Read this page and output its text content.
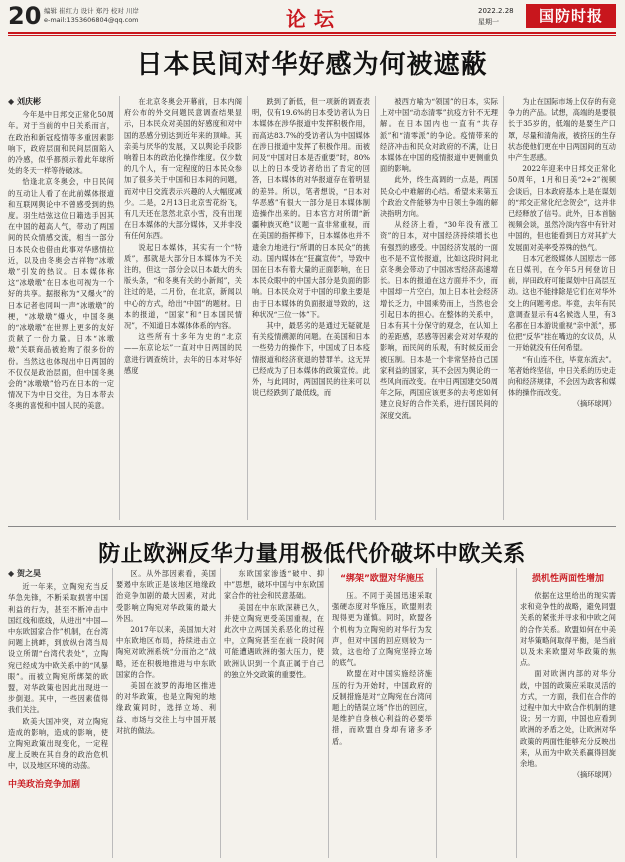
20 编辑 崔红力 设计 郑丹 校对 川岸
e-mail:1353606804@qq.com	论坛	2022.2.28
星期一	国防时报
日本民间对华好感为何被遮蔽

◆ 刘庆彬

今年是中日邦交正常化50周年。对于当前的中日关系而言，在政治和新冠疫情等多重因素影响下，政府层面和民间层面陷入的冷感，似乎都预示着此年球所处的冬天一样等待破冰。

恰逢北京冬奥会，中日民间的互动让人看了在此前媒体报道和互联网舆论中不曾感受到的热度。羽生结弦这位日籍选手因其在中国的超高人气，带动了两国间的民众情感交流，相当一部分日本民众也借由此事对华感情拉近，以及由冬奥会吉祥物“冰墩墩”引发的热议。日本媒体称这“冰墩墩”在日本也可视为一个好的共享。据报称为“又爆火”的日本记者也同叫一声“冰墩墩”的梗，“冰墩墩”爆火，中国冬奥的“冰墩墩”在世界上更多的友好贡献了一份力量。日本“冰墩墩”关联商品被抢购了很多份的份。当然这也体现出中日两国的不仅仅是政治层面，但中国冬奥会的“冰墩墩”恰巧在日本的一定情况下为中日交往，为日本带去冬奥的喜悦和中国人民的美意。

在北京冬奥会开幕前，日本内阁府公布的外交问题民意调查结果显示，日本民众对美国的好感度和对中国的恶感分别达到近年来的顶峰。其亲美与厌华的发展，又以舆论手段影响着日本的政治化操作维度。仅少数的几个人，有一定程度的日本民众参加了很多关于中国和日本间的问题，而对中日交流表示兴趣的人大幅度减少。二是，2月13日北京雪花纷飞，有几天还在忽然北京小雪，没有出现在日本媒体的大部分媒体，又并非没有任何东西。

说起日本媒体，其实有一个“特质”，那就是大部分日本媒体为不关注的，但这一部分会以日本最大的头版头条，“和冬奥有关的小新闻”，关注过的是，二月份，在北京，新闻以中心的方式，给出“中国”的题材。日本的报道，“国家”和“日本国民情况”，不知道日本媒体体系的内容。

这些所有十多年为史的“北京——东京论坛”一直对中日两国的民意进行调查统计，去年的日本对华好感度

跌到了新低，但一项新的调查表明，仅有19.6%的日本受访者认为日本媒体在涉华报道中发挥积极作用，而高达83.7%的受访者认为中国媒体在涉日报道中发挥了积极作用。而被问及“中国对日本是否重要”时，80%以上的日本受访者给出了肯定的回答，日本媒体的对华报道存在着明显的差异。所以，笔者想说，“日本对华恶感”有很大一部分是日本媒体制造操作出来的。日本官方对所谓“新疆种族灭绝”议题一直非常重视，而在美国的指挥棒下，日本媒体也并不遗余力地进行“所谓的日本民众”的挑动。国内媒体在“狂赢宣传”，导致中国在日本有着大量的正面影响，在日本民众眼中的中国大部分是负面的影响。日本民众对于中国的印象主要是由于日本媒体的负面报道导致的，这种状况“三位一体”下。

其中，最恶劣的是通过无疑就是有关疫情溯源的问题。在美国和日本一些势力的操作下，中国成了日本疫情报道和经济衰退的替罪羊。这无异已经成为了日本媒体的政策宣传。此外，与此同时，两国国民的往来可以说已经跌到了最低线，而

被西方喻为“领国”的日本，实际上对中国“动态清零”抗疫方针不无理解。在日本国内也一直有“共存派”和“清零派”的争论。疫情带来的经济冲击和民众对政府的不满，让日本媒体在中国的疫情报道中更侧重负面的影响。

此外，终生高调的一点是，两国民众心中难解的心结。希望未来第五个政治文件能够为中日领土争端的解决指明方向。

从经济上看，“30年没有涨工资”的日本，对中国经济持续增长也有强烈的感受。中国经济发展的一面也不是不宣传报道，比如这段时间北京冬奥会带动了中国冰雪经济高速增长。日本的报道在这方面并不少，而中国却一片空白，加上日本社会经济增长乏力，中国乘势而上，当然也会引起日本的担心。在整体的关系中，日本有其十分保守的观念，在认知上的差距感，恶感等因素会对对华观的影响，而民间的乐观，有时候反而会被压制。日本是一个非常坚持自己国家利益的国家，其不会因为舆论的一些风向而改变。在中日两国建交50周年之际，两国应该更多的去考虑如何建立良好的合作关系，进行国民间的深度交流。

为止在国际市场上仅存的有竞争力的产品。试想，高端的是要很长于35岁的，低端的是要生产口罩，尽量和清角液，被挤压的生存状态使他们更在中日两国间的互动中产生恶感。

2022年迎来中日邦交正常化50周年，1月和日美“2+2”视频会谈后，日本政府基本上是在谋划的“邦交正常化纪念贺会”，这并非已经释放了信号。此外，日本首脑视频会谈，虽然冷淡内容中有针对中国的，但也能看到日方对其扩大发展面对美率受养殊的热气。

日本冗老级媒体人国原志一郎在日媒刊，在今年5月何登访日前，岸田政府可能谋划中日高层互动。这也不能排除是它们在对华外交上的问题考虑。毕竟，去年有民意调查显示有4名候选人里，有3名都在日本游说重视“亲中派”，那位把“反华”挂在嘴边的女议员，从一开始就没有任何希望。

“有山连不住，毕竟东流去”。笔者始终坚信，中日关系的历史走向和经济规律，不会因为政客和媒体的操作而改变。

（摘环球网）

防止欧洲反华力量用极低代价破坏中欧关系

◆ 贺之昊

近一年来，立陶宛充当反华急先锋，不断采取损害中国利益的行为，甚至不断冲击中国红线和底线，从进出“中国—中东欧国家合作”机制，在台湾问题上挑衅，到放纵台湾当局设立所谓“台湾代表处”，立陶宛已经成为中欧关系中的“风暴眼”。而被立陶宛所绑架的欧盟，对华政策也因此出现进一步倒退。其中，一些因素值得我们关注。

欧美大国冲突，对立陶宛造成的影响，造成的影响，使立陶宛政策出现变化，一定程度上反映在其自身的政治危机中，以及地区环境的动荡。

中美政治竞争加剧

区。从外部因素看，美国要遏中东欧正是该地区地缘政治竞争加剧的最大因素，对此受影响立陶宛对华政策的最大外因。

2017年以来，美国加大对中东欧地区布局，持续进击立陶宛对欧洲系统“分而治之”战略，还在积极地推进与中东欧国家的合作。

美国在波罗的海地区推进的对华政策，也是立陶宛的地缘政策同时，选择立场、利益、市场与交往上与中国开展对抗的做法。

东欧国家渗透“破中、抑中”思想，破坏中国与中东欧国家合作的社会和民意基础。

美国在中东欧深耕已久，并使立陶宛更受美国重视，在此次中立两国关系恶化的过程中，立陶宛甚至在前一段时间可能遭遇欧洲的强大压力，使欧洲认识到一个真正属于自己的独立外交政策的重要性。

“绑架”欧盟对华施压

压。不同于美国迅速采取强硬态度对华施压，欧盟则表现得更为谨慎。同时，欧盟各个机构为立陶宛的对华行为发声，但对中国的回应则较为一致，这也给了立陶宛坚持立场的底气。

欧盟在对中国实施经济施压的行为开始时，中国政府的反制措施是对“立陶宛在台湾问题上的错误立场”作出的回应，是维护自身核心利益的必要举措，而欧盟自身却有诸多矛盾。

损机性两面性增加

依据在这里给出的现实需求和竞争性的战略，避免同盟关系的紧张并寻求和中欧之间的合作关系。欧盟如何在中美对华策略间取得平衡，是当前以及未来欧盟对华政策的焦点。

面对欧洲内部的对华分歧，中国的政策应采取灵活的方式，一方面，我们在合作的过程中加大中欧合作机制的建设；另一方面，中国也应看到欧洲的矛盾之处，让欧洲对华政策的两面性能够充分反映出来，从而为中欧关系赢得回旋余地。

（摘环球网）
